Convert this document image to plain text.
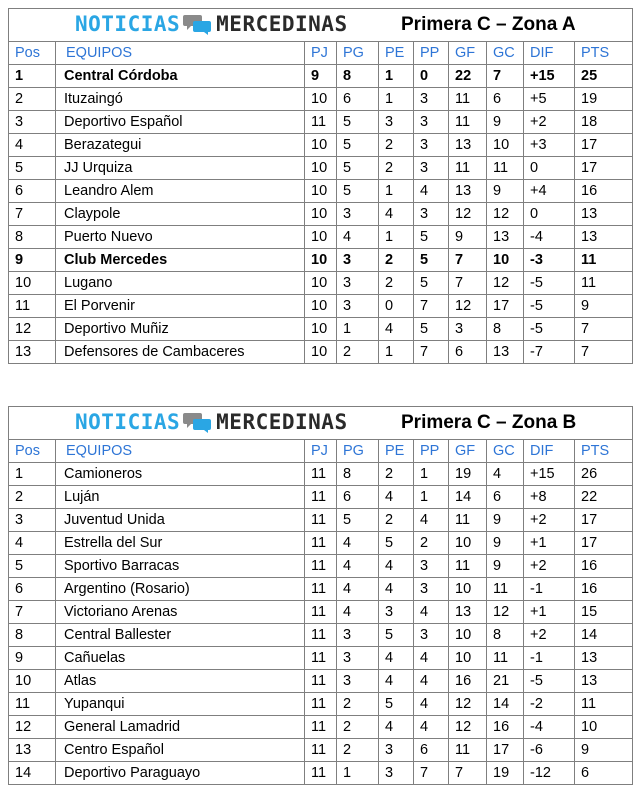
NOTICIAS MERCEDINAS Primera C – Zona A									

Pos	EQUIPOS	PJ	PG	PE	PP	GF	GC	DIF	PTS
1	Central Córdoba	9	8	1	0	22	7	+15	25
2	Ituzaingó	10	6	1	3	11	6	+5	19
3	Deportivo Español	11	5	3	3	11	9	+2	18
4	Berazategui	10	5	2	3	13	10	+3	17
5	JJ Urquiza	10	5	2	3	11	11	0	17
6	Leandro Alem	10	5	1	4	13	9	+4	16
7	Claypole	10	3	4	3	12	12	0	13
8	Puerto Nuevo	10	4	1	5	9	13	-4	13
9	Club Mercedes	10	3	2	5	7	10	-3	11
10	Lugano	10	3	2	5	7	12	-5	11
11	El Porvenir	10	3	0	7	12	17	-5	9
12	Deportivo Muñiz	10	1	4	5	3	8	-5	7
13	Defensores de Cambaceres	10	2	1	7	6	13	-7	7
NOTICIAS MERCEDINAS Primera C – Zona B									

Pos	EQUIPOS	PJ	PG	PE	PP	GF	GC	DIF	PTS
1	Camioneros	11	8	2	1	19	4	+15	26
2	Luján	11	6	4	1	14	6	+8	22
3	Juventud Unida	11	5	2	4	11	9	+2	17
4	Estrella del Sur	11	4	5	2	10	9	+1	17
5	Sportivo Barracas	11	4	4	3	11	9	+2	16
6	Argentino (Rosario)	11	4	4	3	10	11	-1	16
7	Victoriano Arenas	11	4	3	4	13	12	+1	15
8	Central Ballester	11	3	5	3	10	8	+2	14
9	Cañuelas	11	3	4	4	10	11	-1	13
10	Atlas	11	3	4	4	16	21	-5	13
11	Yupanqui	11	2	5	4	12	14	-2	11
12	General Lamadrid	11	2	4	4	12	16	-4	10
13	Centro Español	11	2	3	6	11	17	-6	9
14	Deportivo Paraguayo	11	1	3	7	7	19	-12	6
